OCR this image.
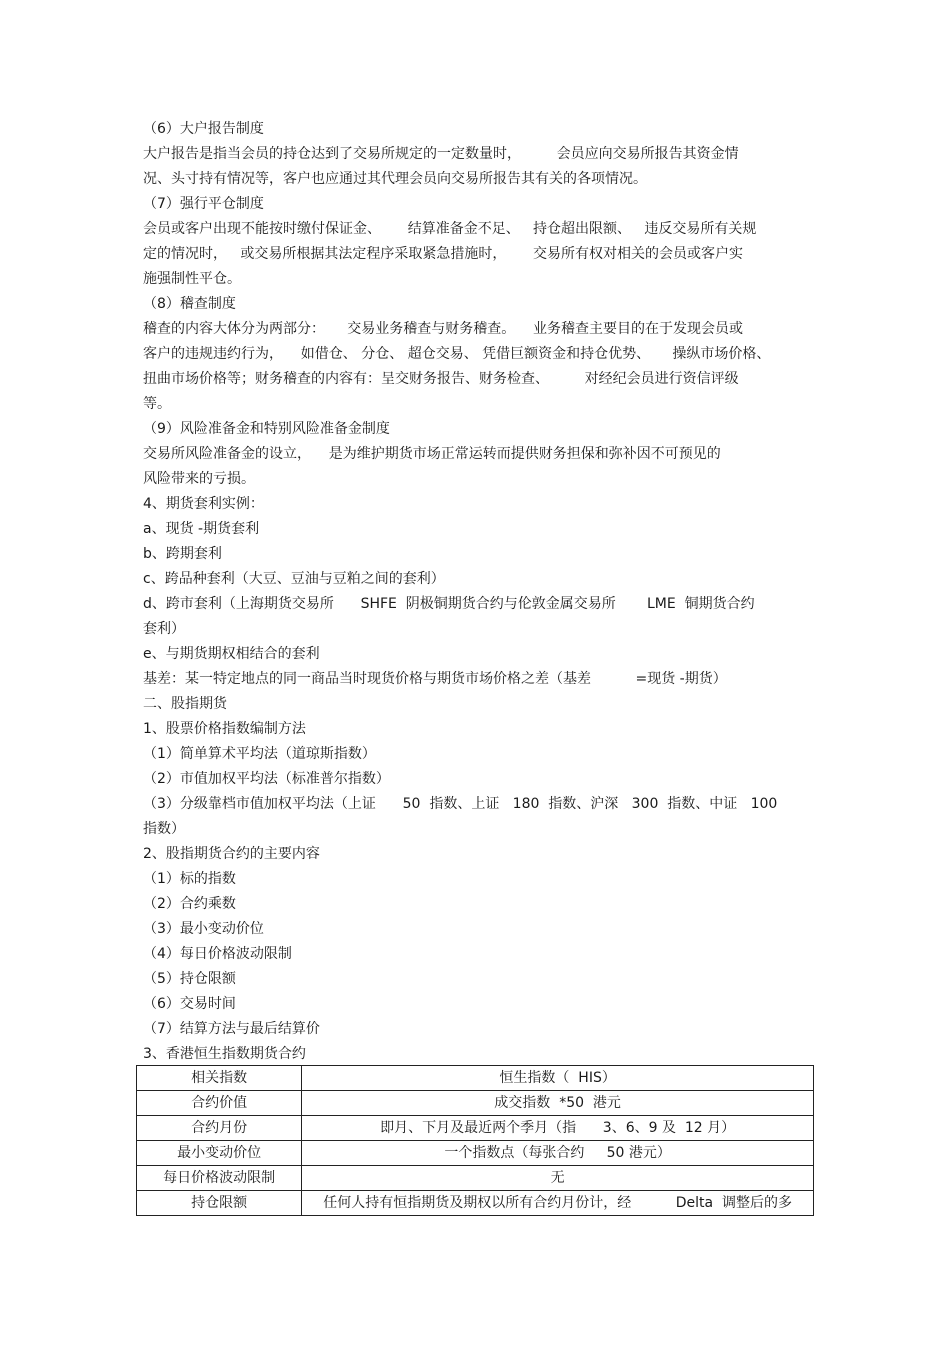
（6）大户报告制度
大户报告是指当会员的持仓达到了交易所规定的一定数量时，        会员应向交易所报告其资金情
况、头寸持有情况等，客户也应通过其代理会员向交易所报告其有关的各项情况。
（7）强行平仓制度
会员或客户出现不能按时缴付保证金、      结算准备金不足、   持仓超出限额、   违反交易所有关规
定的情况时，   或交易所根据其法定程序采取紧急措施时，      交易所有权对相关的会员或客户实
施强制性平仓。
（8）稽查制度
稽查的内容大体分为两部分：     交易业务稽查与财务稽查。    业务稽查主要目的在于发现会员或
客户的违规违约行为，    如借仓、 分仓、 超仓交易、 凭借巨额资金和持仓优势、     操纵市场价格、
扭曲市场价格等；财务稽查的内容有：呈交财务报告、财务检查、        对经纪会员进行资信评级
等。
（9）风险准备金和特别风险准备金制度
交易所风险准备金的设立，    是为维护期货市场正常运转而提供财务担保和弥补因不可预见的
风险带来的亏损。
4、期货套利实例：
a、现货 -期货套利
b、跨期套利
c、跨品种套利（大豆、豆油与豆粕之间的套利）
d、跨市套利（上海期货交易所      SHFE  阴极铜期货合约与伦敦金属交易所       LME  铜期货合约
套利）
e、与期货期权相结合的套利
基差：某一特定地点的同一商品当时现货价格与期货市场价格之差（基差          =现货 -期货）
二、股指期货
1、股票价格指数编制方法
（1）简单算术平均法（道琼斯指数）
（2）市值加权平均法（标准普尔指数）
（3）分级靠档市值加权平均法（上证      50  指数、上证   180  指数、沪深   300  指数、中证   100
指数）
2、股指期货合约的主要内容
（1）标的指数
（2）合约乘数
（3）最小变动价位
（4）每日价格波动限制
（5）持仓限额
（6）交易时间
（7）结算方法与最后结算价
3、香港恒生指数期货合约
相关指数	恒生指数（  HIS）
合约价值	成交指数  *50  港元
合约月份	即月、下月及最近两个季月（指      3、6、9 及  12 月）
最小变动价位	一个指数点（每张合约     50 港元）
每日价格波动限制	无
持仓限额	任何人持有恒指期货及期权以所有合约月份计，经          Delta  调整后的多
